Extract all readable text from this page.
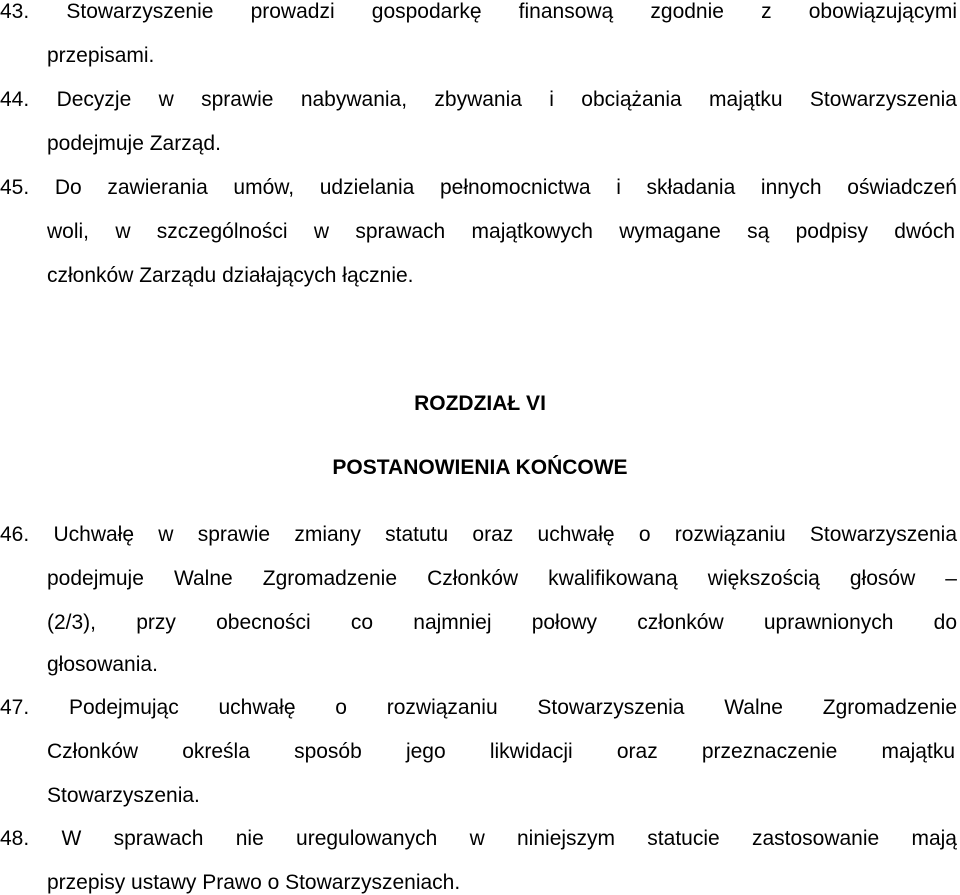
43. Stowarzyszenie prowadzi gospodarkę finansową zgodnie z obowiązującymi
przepisami.
44. Decyzje w sprawie nabywania, zbywania i obciążania majątku Stowarzyszenia
podejmuje Zarząd.
45. Do zawierania umów, udzielania pełnomocnictwa i składania innych oświadczeń
woli, w szczególności w sprawach majątkowych wymagane są podpisy dwóch
członków Zarządu działających łącznie.
ROZDZIAŁ VI
POSTANOWIENIA KOŃCOWE
46. Uchwałę w sprawie zmiany statutu oraz uchwałę o rozwiązaniu Stowarzyszenia
podejmuje Walne Zgromadzenie Członków kwalifikowaną większością głosów –
(2/3), przy obecności co najmniej połowy członków uprawnionych do
głosowania.
47. Podejmując uchwałę o rozwiązaniu Stowarzyszenia Walne Zgromadzenie
Członków określa sposób jego likwidacji oraz przeznaczenie majątku
Stowarzyszenia.
48. W sprawach nie uregulowanych w niniejszym statucie zastosowanie mają
przepisy ustawy Prawo o Stowarzyszeniach.
